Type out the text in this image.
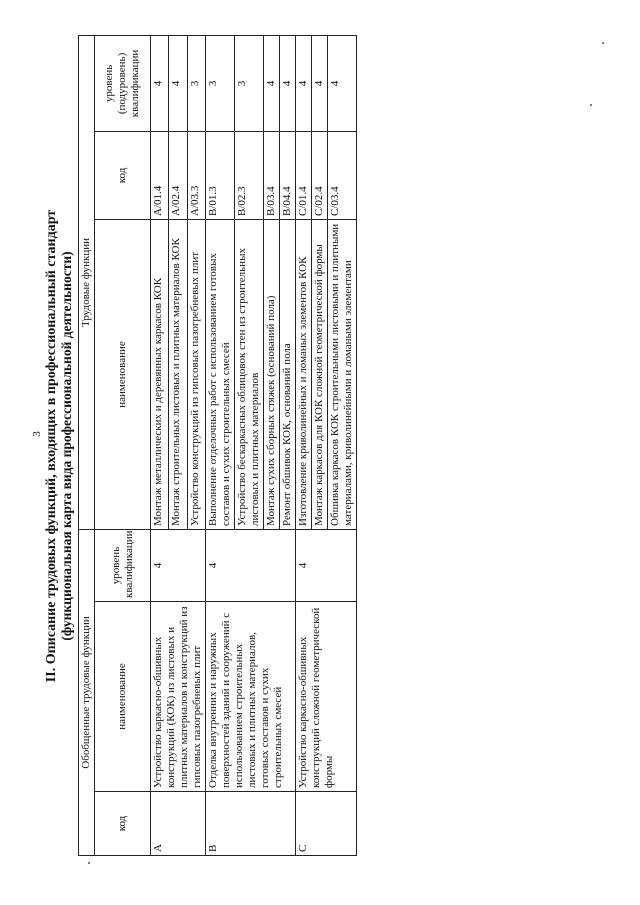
3 II. Описание трудовых функций, входящих в профессиональный стандарт (функциональная карта вида профессиональной деятельности)
Обобщенные трудовые функции			Трудовые функции		
код	наименование	уровень квалификации	наименование	код	уровень (подуровень) квалификации
A	Устройство каркасно-обшивных конструкций (КОК) из листовых и плитных материалов и конструкций из гипсовых пазогребневых плит	4	Монтаж металлических и деревянных каркасов КОК	A/01.4	4
			Монтаж строительных листовых и плитных материалов КОК	A/02.4	4
			Устройство конструкций из гипсовых пазогребневых плит	A/03.3	3
B	Отделка внутренних и наружных поверхностей зданий и сооружений с использованием строительных листовых и плитных материалов, готовых составов и сухих строительных смесей	4	Выполнение отделочных работ с использованием готовых составов и сухих строительных смесей	B/01.3	3
			Устройство бескаркасных облицовок стен из строительных листовых и плитных материалов	B/02.3	3
			Монтаж сухих сборных стяжек (оснований пола)	B/03.4	4
			Ремонт обшивок КОК, оснований пола	B/04.4	4
C	Устройство каркасно-обшивных конструкций сложной геометрической формы	4	Изготовление криволинейных и ломаных элементов КОК	C/01.4	4
			Монтаж каркасов для КОК сложной геометрической формы	C/02.4	4
			Обшивка каркасов КОК строительными листовыми и плитными материалами, криволинейными и ломаными элементами	C/03.4	4
